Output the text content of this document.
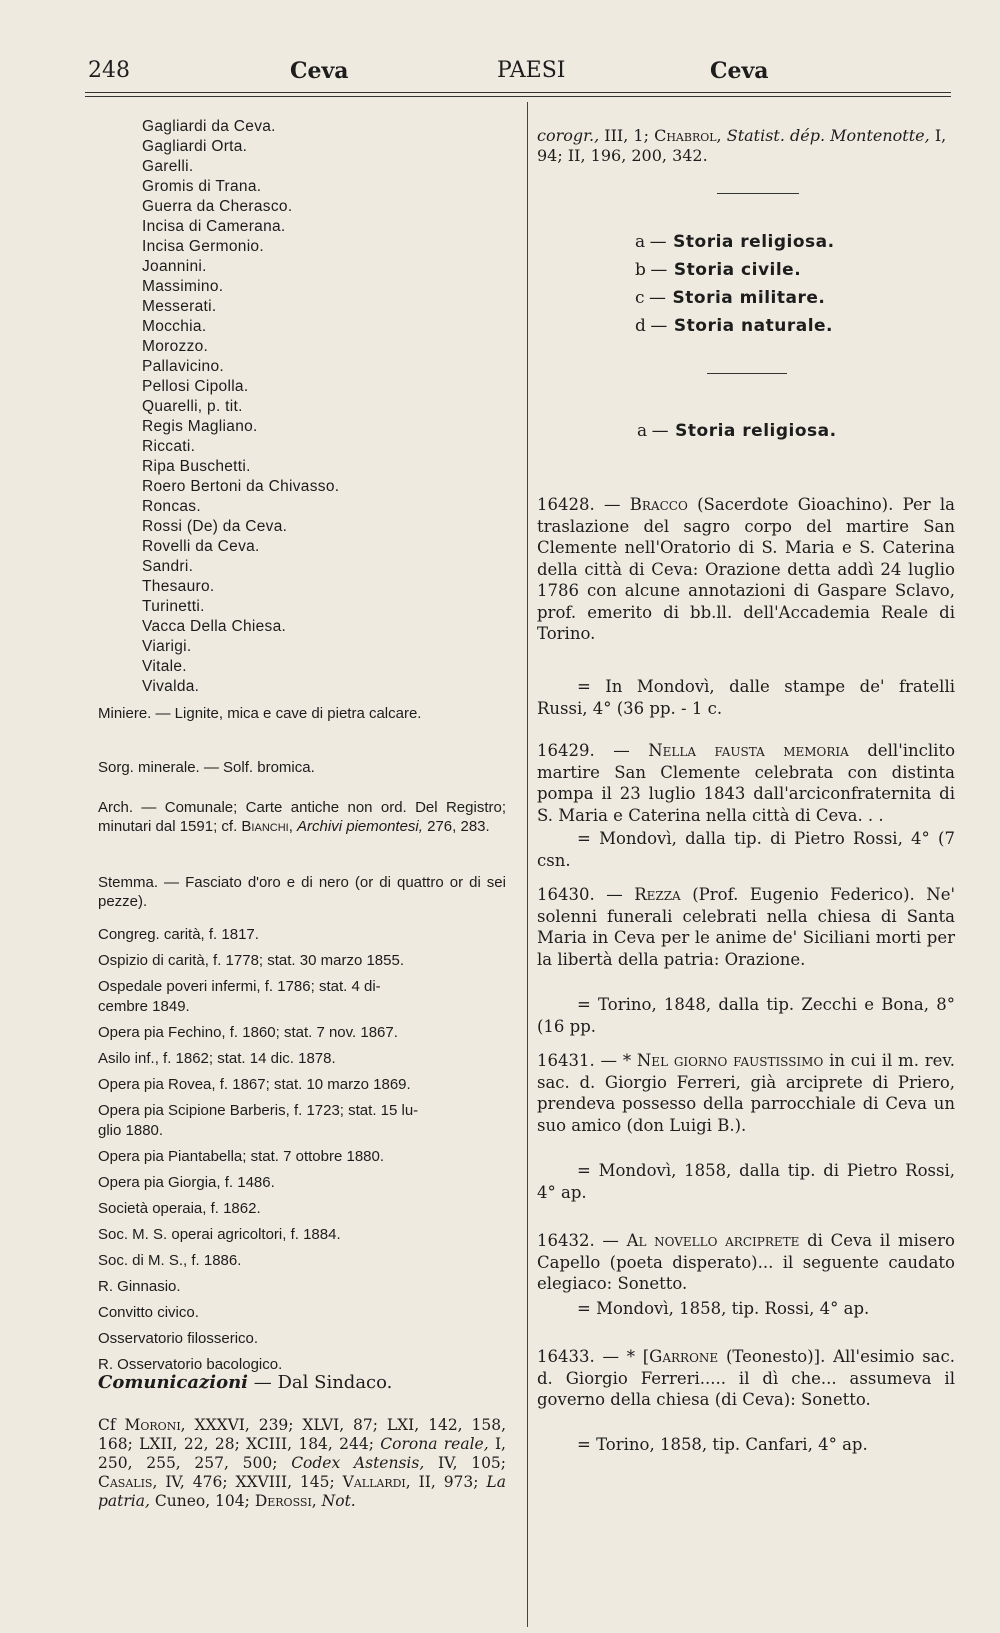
248	Ceva	PAESI	Ceva
Gagliardi da Ceva.
Gagliardi Orta.
Garelli.
Gromis di Trana.
Guerra da Cherasco.
Incisa di Camerana.
Incisa Germonio.
Joannini.
Massimino.
Messerati.
Mocchia.
Morozzo.
Pallavicino.
Pellosi Cipolla.
Quarelli, p. tit.
Regis Magliano.
Riccati.
Ripa Buschetti.
Roero Bertoni da Chivasso.
Roncas.
Rossi (De) da Ceva.
Rovelli da Ceva.
Sandri.
Thesauro.
Turinetti.
Vacca Della Chiesa.
Viarigi.
Vitale.
Vivalda.
Miniere. — Lignite, mica e cave di pietra calcare.
Sorg. minerale. — Solf. bromica.
Arch. — Comunale; Carte antiche non ord. Del Registro; minutari dal 1591; cf. Bianchi, Archivi piemontesi, 276, 283.
Stemma. — Fasciato d'oro e di nero (or di quattro or di sei pezze).
Congreg. carità, f. 1817.
Ospizio di carità, f. 1778; stat. 30 marzo 1855.
Ospedale poveri infermi, f. 1786; stat. 4 di-
cembre 1849.
Opera pia Fechino, f. 1860; stat. 7 nov. 1867.
Asilo inf., f. 1862; stat. 14 dic. 1878.
Opera pia Rovea, f. 1867; stat. 10 marzo 1869.
Opera pia Scipione Barberis, f. 1723; stat. 15 lu-
glio 1880.
Opera pia Piantabella; stat. 7 ottobre 1880.
Opera pia Giorgia, f. 1486.
Società operaia, f. 1862.
Soc. M. S. operai agricoltori, f. 1884.
Soc. di M. S., f. 1886.
R. Ginnasio.
Convitto civico.
Osservatorio filosserico.
R. Osservatorio bacologico.
Comunicazioni — Dal Sindaco.
Cf Moroni, XXXVI, 239; XLVI, 87; LXI, 142, 158, 168; LXII, 22, 28; XCIII, 184, 244; Corona reale, I, 250, 255, 257, 500; Codex Astensis, IV, 105; Casalis, IV, 476; XXVIII, 145; Vallardi, II, 973; La patria, Cuneo, 104; Derossi, Not.
corogr., III, 1; Chabrol, Statist. dép. Montenotte, I, 94; II, 196, 200, 342.
a — Storia religiosa.
b — Storia civile.
c — Storia militare.
d — Storia naturale.
a — Storia religiosa.
16428. — Bracco (Sacerdote Gioachino). Per la traslazione del sagro corpo del martire San Clemente nell'Oratorio di S. Maria e S. Caterina della città di Ceva: Orazione detta addì 24 luglio 1786 con alcune annotazioni di Gaspare Sclavo, prof. emerito di bb.ll. dell'Accademia Reale di Torino.
= In Mondovì, dalle stampe de' fratelli Russi, 4° (36 pp. - 1 c.
16429. — Nella fausta memoria dell'inclito martire San Clemente celebrata con distinta pompa il 23 luglio 1843 dall'arciconfraternita di S. Maria e Caterina nella città di Ceva. . .
= Mondovì, dalla tip. di Pietro Rossi, 4° (7 csn.
16430. — Rezza (Prof. Eugenio Federico). Ne' solenni funerali celebrati nella chiesa di Santa Maria in Ceva per le anime de' Siciliani morti per la libertà della patria: Orazione.
= Torino, 1848, dalla tip. Zecchi e Bona, 8° (16 pp.
16431. — * Nel giorno faustissimo in cui il m. rev. sac. d. Giorgio Ferreri, già arciprete di Priero, prendeva possesso della parrocchiale di Ceva un suo amico (don Luigi B.).
= Mondovì, 1858, dalla tip. di Pietro Rossi, 4° ap.
16432. — Al novello arciprete di Ceva il misero Capello (poeta disperato)... il seguente caudato elegiaco: Sonetto.
= Mondovì, 1858, tip. Rossi, 4° ap.
16433. — * [Garrone (Teonesto)]. All'esimio sac. d. Giorgio Ferreri..... il dì che... assumeva il governo della chiesa (di Ceva): Sonetto.
= Torino, 1858, tip. Canfari, 4° ap.
